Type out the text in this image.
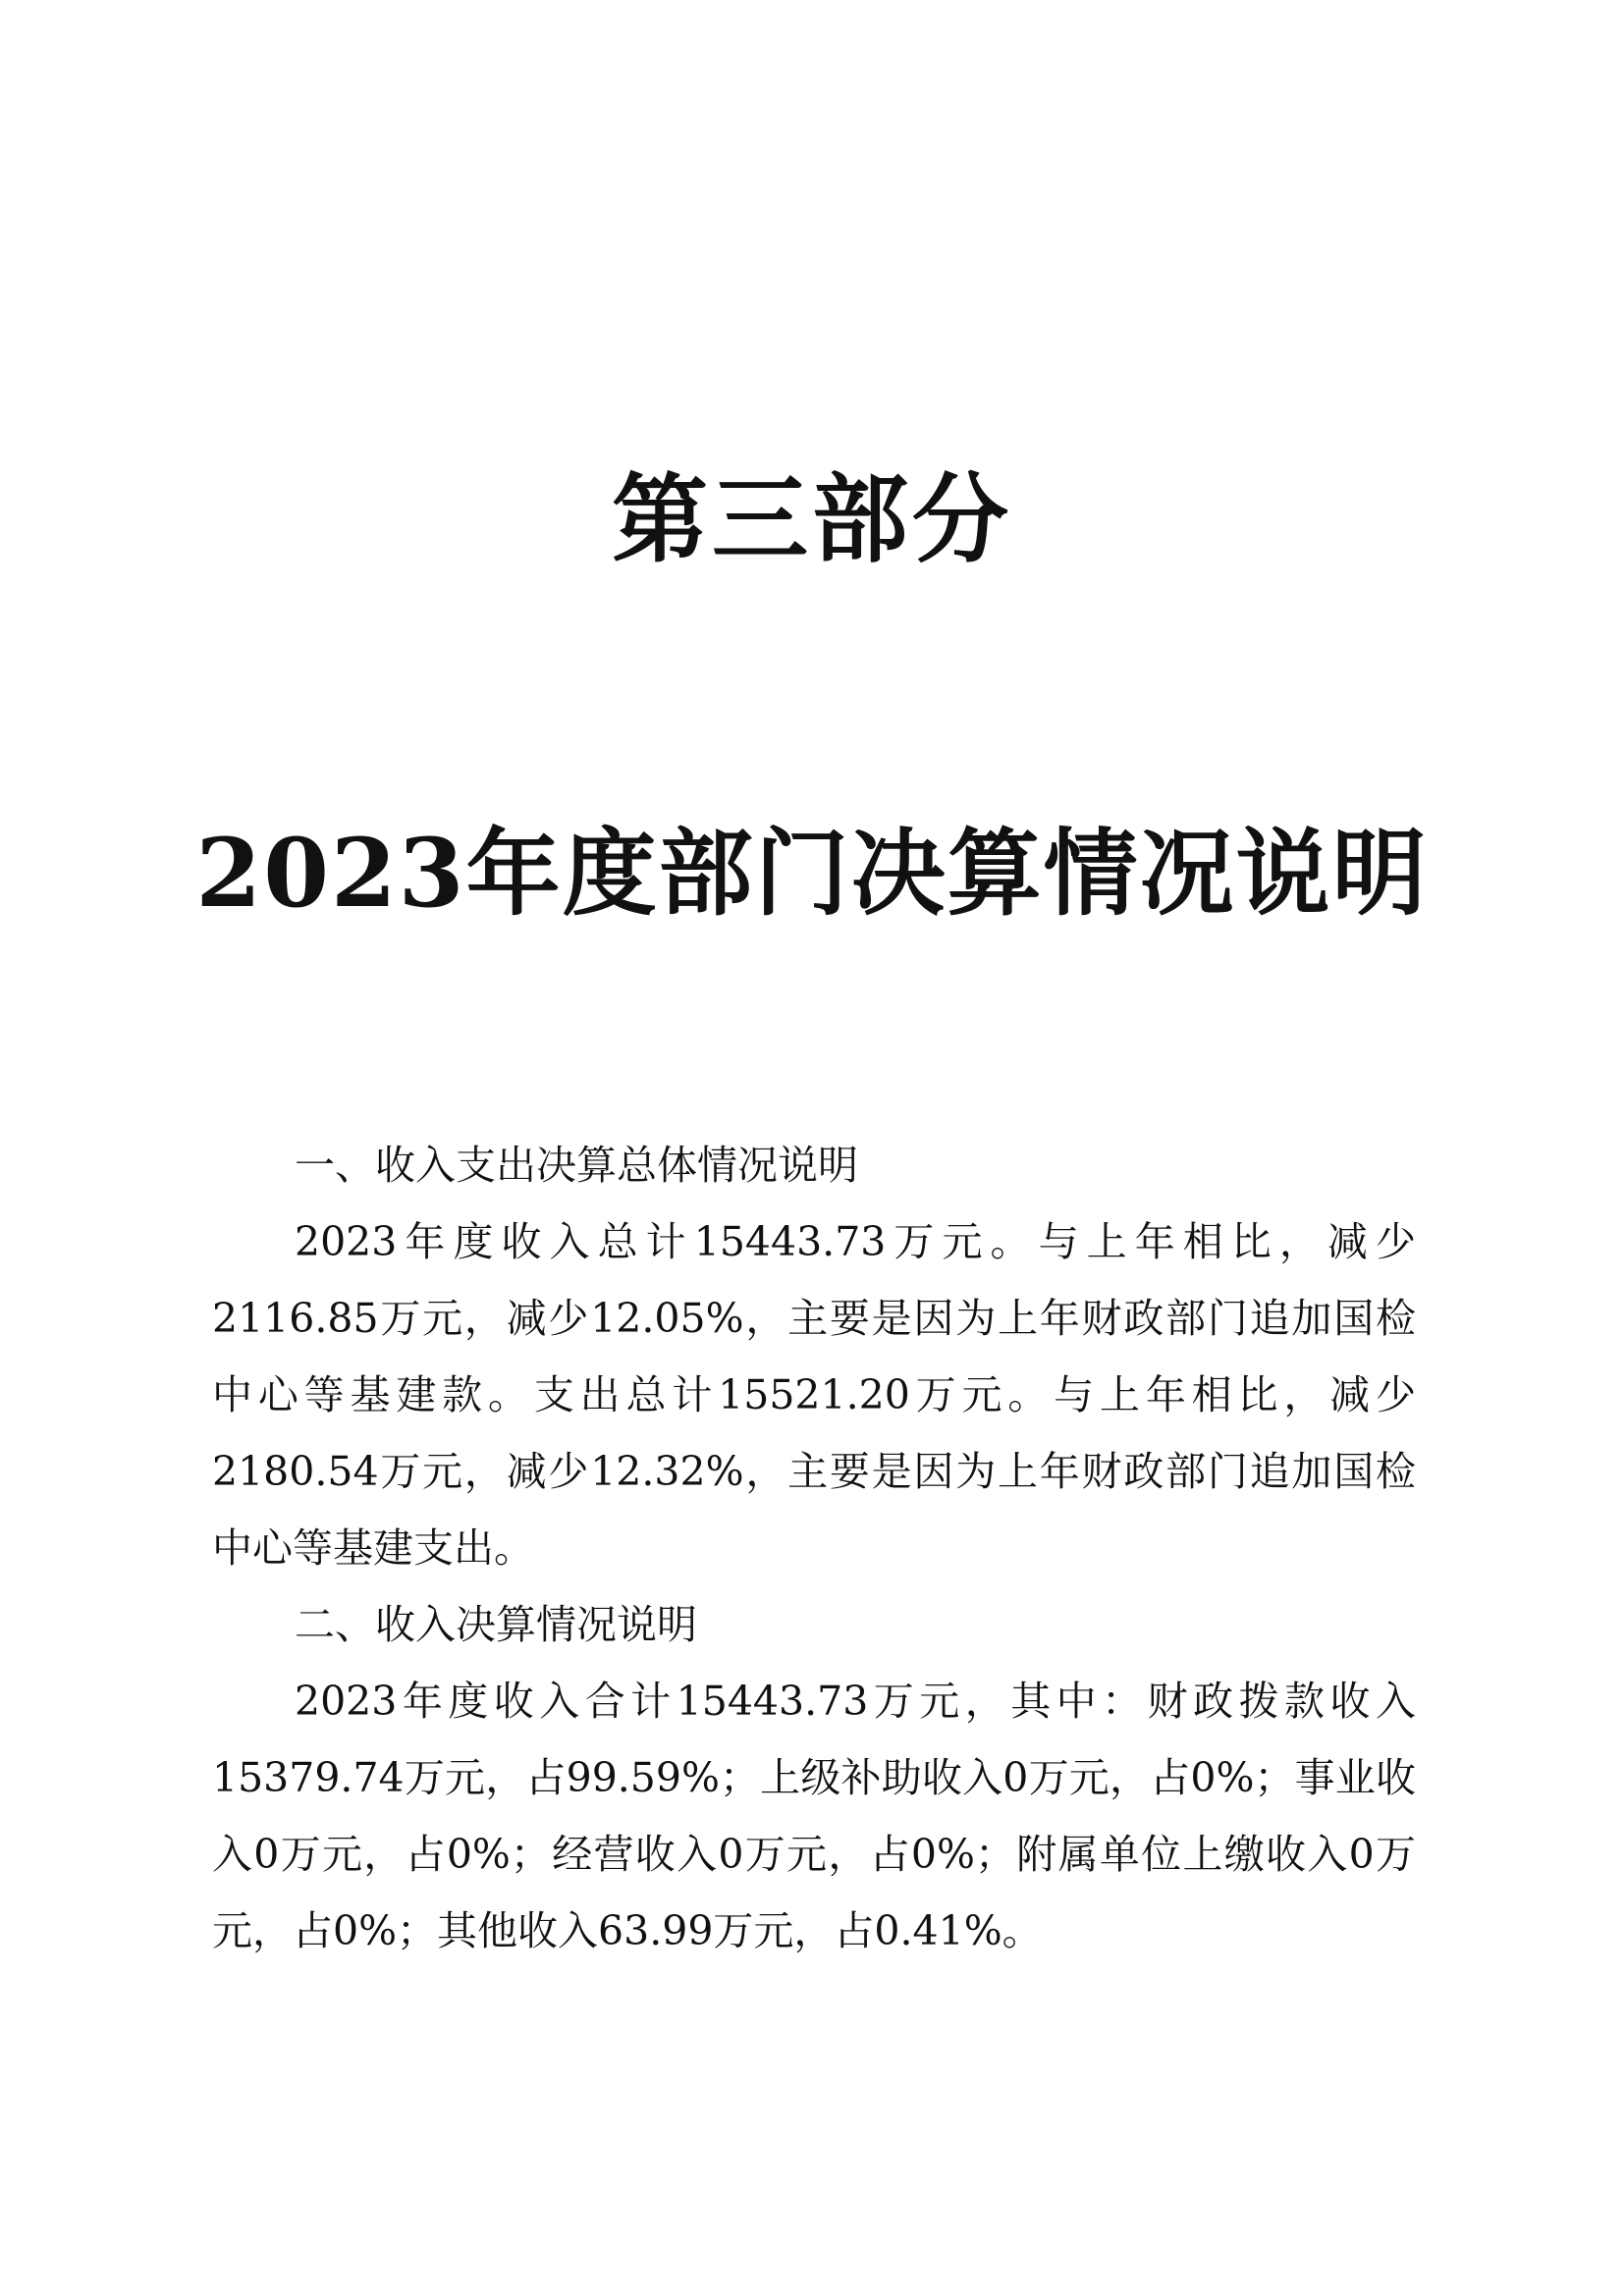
第三部分
2023年度部门决算情况说明
一、收入支出决算总体情况说明

2023年度收入总计15443.73万元。与上年相比，减少2116.85万元，减少12.05%，主要是因为上年财政部门追加国检中心等基建款。支出总计15521.20万元。与上年相比，减少2180.54万元，减少12.32%，主要是因为上年财政部门追加国检中心等基建支出。

二、收入决算情况说明

2023年度收入合计15443.73万元，其中：财政拨款收入15379.74万元，占99.59%；上级补助收入0万元，占0%；事业收入0万元，占0%；经营收入0万元，占0%；附属单位上缴收入0万元，占0%；其他收入63.99万元，占0.41%。
